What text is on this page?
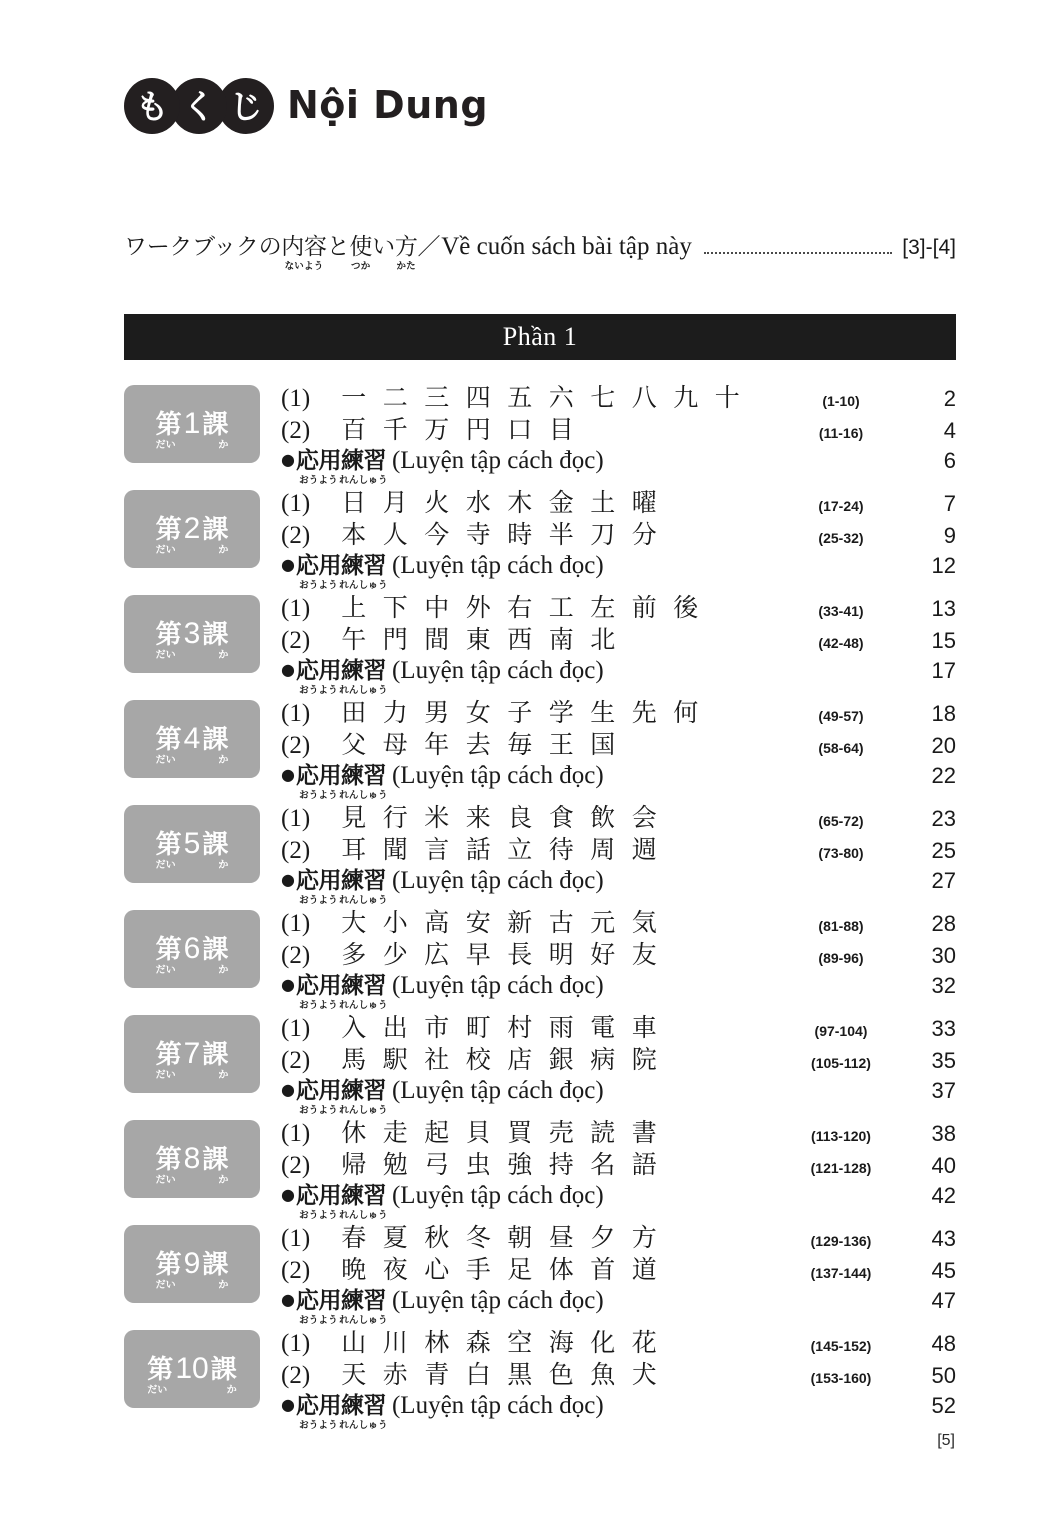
も く じ Nội Dung
ワークブックの内容
ないよう
と使
つか
い方
かた
／ Về cuốn sách bài tập này	[3]-[4]
Phần 1
第 1 課
だい	か
(1)	一 二 三 四 五 六 七 八 九 十	(1-10)	2
(2)	百 千 万 円 口 目	(11-16)	4
● 応用
おうよう
練習
れんしゅう
(Luyện tập cách đọc)	6
第 2 課
だい	か
(1)	日 月 火 水 木 金 土 曜	(17-24)	7
(2)	本 人 今 寺 時 半 刀 分	(25-32)	9
● 応用
おうよう
練習
れんしゅう
(Luyện tập cách đọc)	12
第 3 課
だい	か
(1)	上 下 中 外 右 工 左 前 後	(33-41)	13
(2)	午 門 間 東 西 南 北	(42-48)	15
● 応用
おうよう
練習
れんしゅう
(Luyện tập cách đọc)	17
第 4 課
だい	か
(1)	田 力 男 女 子 学 生 先 何	(49-57)	18
(2)	父 母 年 去 毎 王 国	(58-64)	20
● 応用
おうよう
練習
れんしゅう
(Luyện tập cách đọc)	22
第 5 課
だい	か
(1)	見 行 米 来 良 食 飲 会	(65-72)	23
(2)	耳 聞 言 話 立 待 周 週	(73-80)	25
● 応用
おうよう
練習
れんしゅう
(Luyện tập cách đọc)	27
第 6 課
だい	か
(1)	大 小 高 安 新 古 元 気	(81-88)	28
(2)	多 少 広 早 長 明 好 友	(89-96)	30
● 応用
おうよう
練習
れんしゅう
(Luyện tập cách đọc)	32
第 7 課
だい	か
(1)	入 出 市 町 村 雨 電 車	(97-104)	33
(2)	馬 駅 社 校 店 銀 病 院	(105-112)	35
● 応用
おうよう
練習
れんしゅう
(Luyện tập cách đọc)	37
第 8 課
だい	か
(1)	休 走 起 貝 買 売 読 書	(113-120)	38
(2)	帰 勉 弓 虫 強 持 名 語	(121-128)	40
● 応用
おうよう
練習
れんしゅう
(Luyện tập cách đọc)	42
第 9 課
だい	か
(1)	春 夏 秋 冬 朝 昼 夕 方	(129-136)	43
(2)	晩 夜 心 手 足 体 首 道	(137-144)	45
● 応用
おうよう
練習
れんしゅう
(Luyện tập cách đọc)	47
第 10 課
だい	か
(1)	山 川 林 森 空 海 化 花	(145-152)	48
(2)	天 赤 青 白 黒 色 魚 犬	(153-160)	50
● 応用
おうよう
練習
れんしゅう
(Luyện tập cách đọc)	52
[5]
